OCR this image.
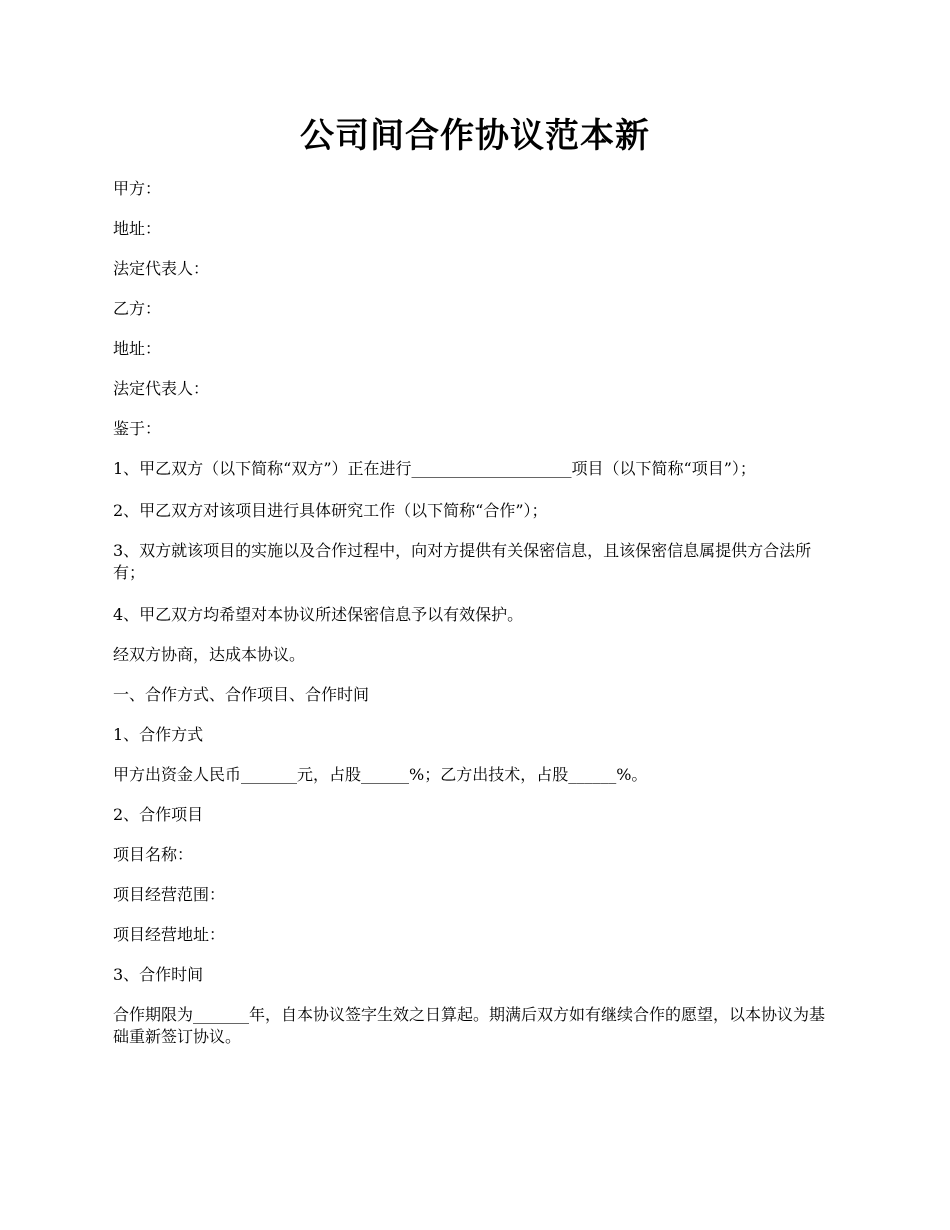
公司间合作协议范本新

甲方：

地址：

法定代表人：

乙方：

地址：

法定代表人：

鉴于：

1、甲乙双方（以下简称“双方”）正在进行____________________项目（以下简称“项目”）；

2、甲乙双方对该项目进行具体研究工作（以下简称“合作”）；

3、双方就该项目的实施以及合作过程中，向对方提供有关保密信息，且该保密信息属提供方合法所有；

4、甲乙双方均希望对本协议所述保密信息予以有效保护。

经双方协商，达成本协议。

一、合作方式、合作项目、合作时间

1、合作方式

甲方出资金人民币_______元，占股______%；乙方出技术，占股______%。

2、合作项目

项目名称：

项目经营范围：

项目经营地址：

3、合作时间

合作期限为_______年，自本协议签字生效之日算起。期满后双方如有继续合作的愿望，以本协议为基础重新签订协议。
